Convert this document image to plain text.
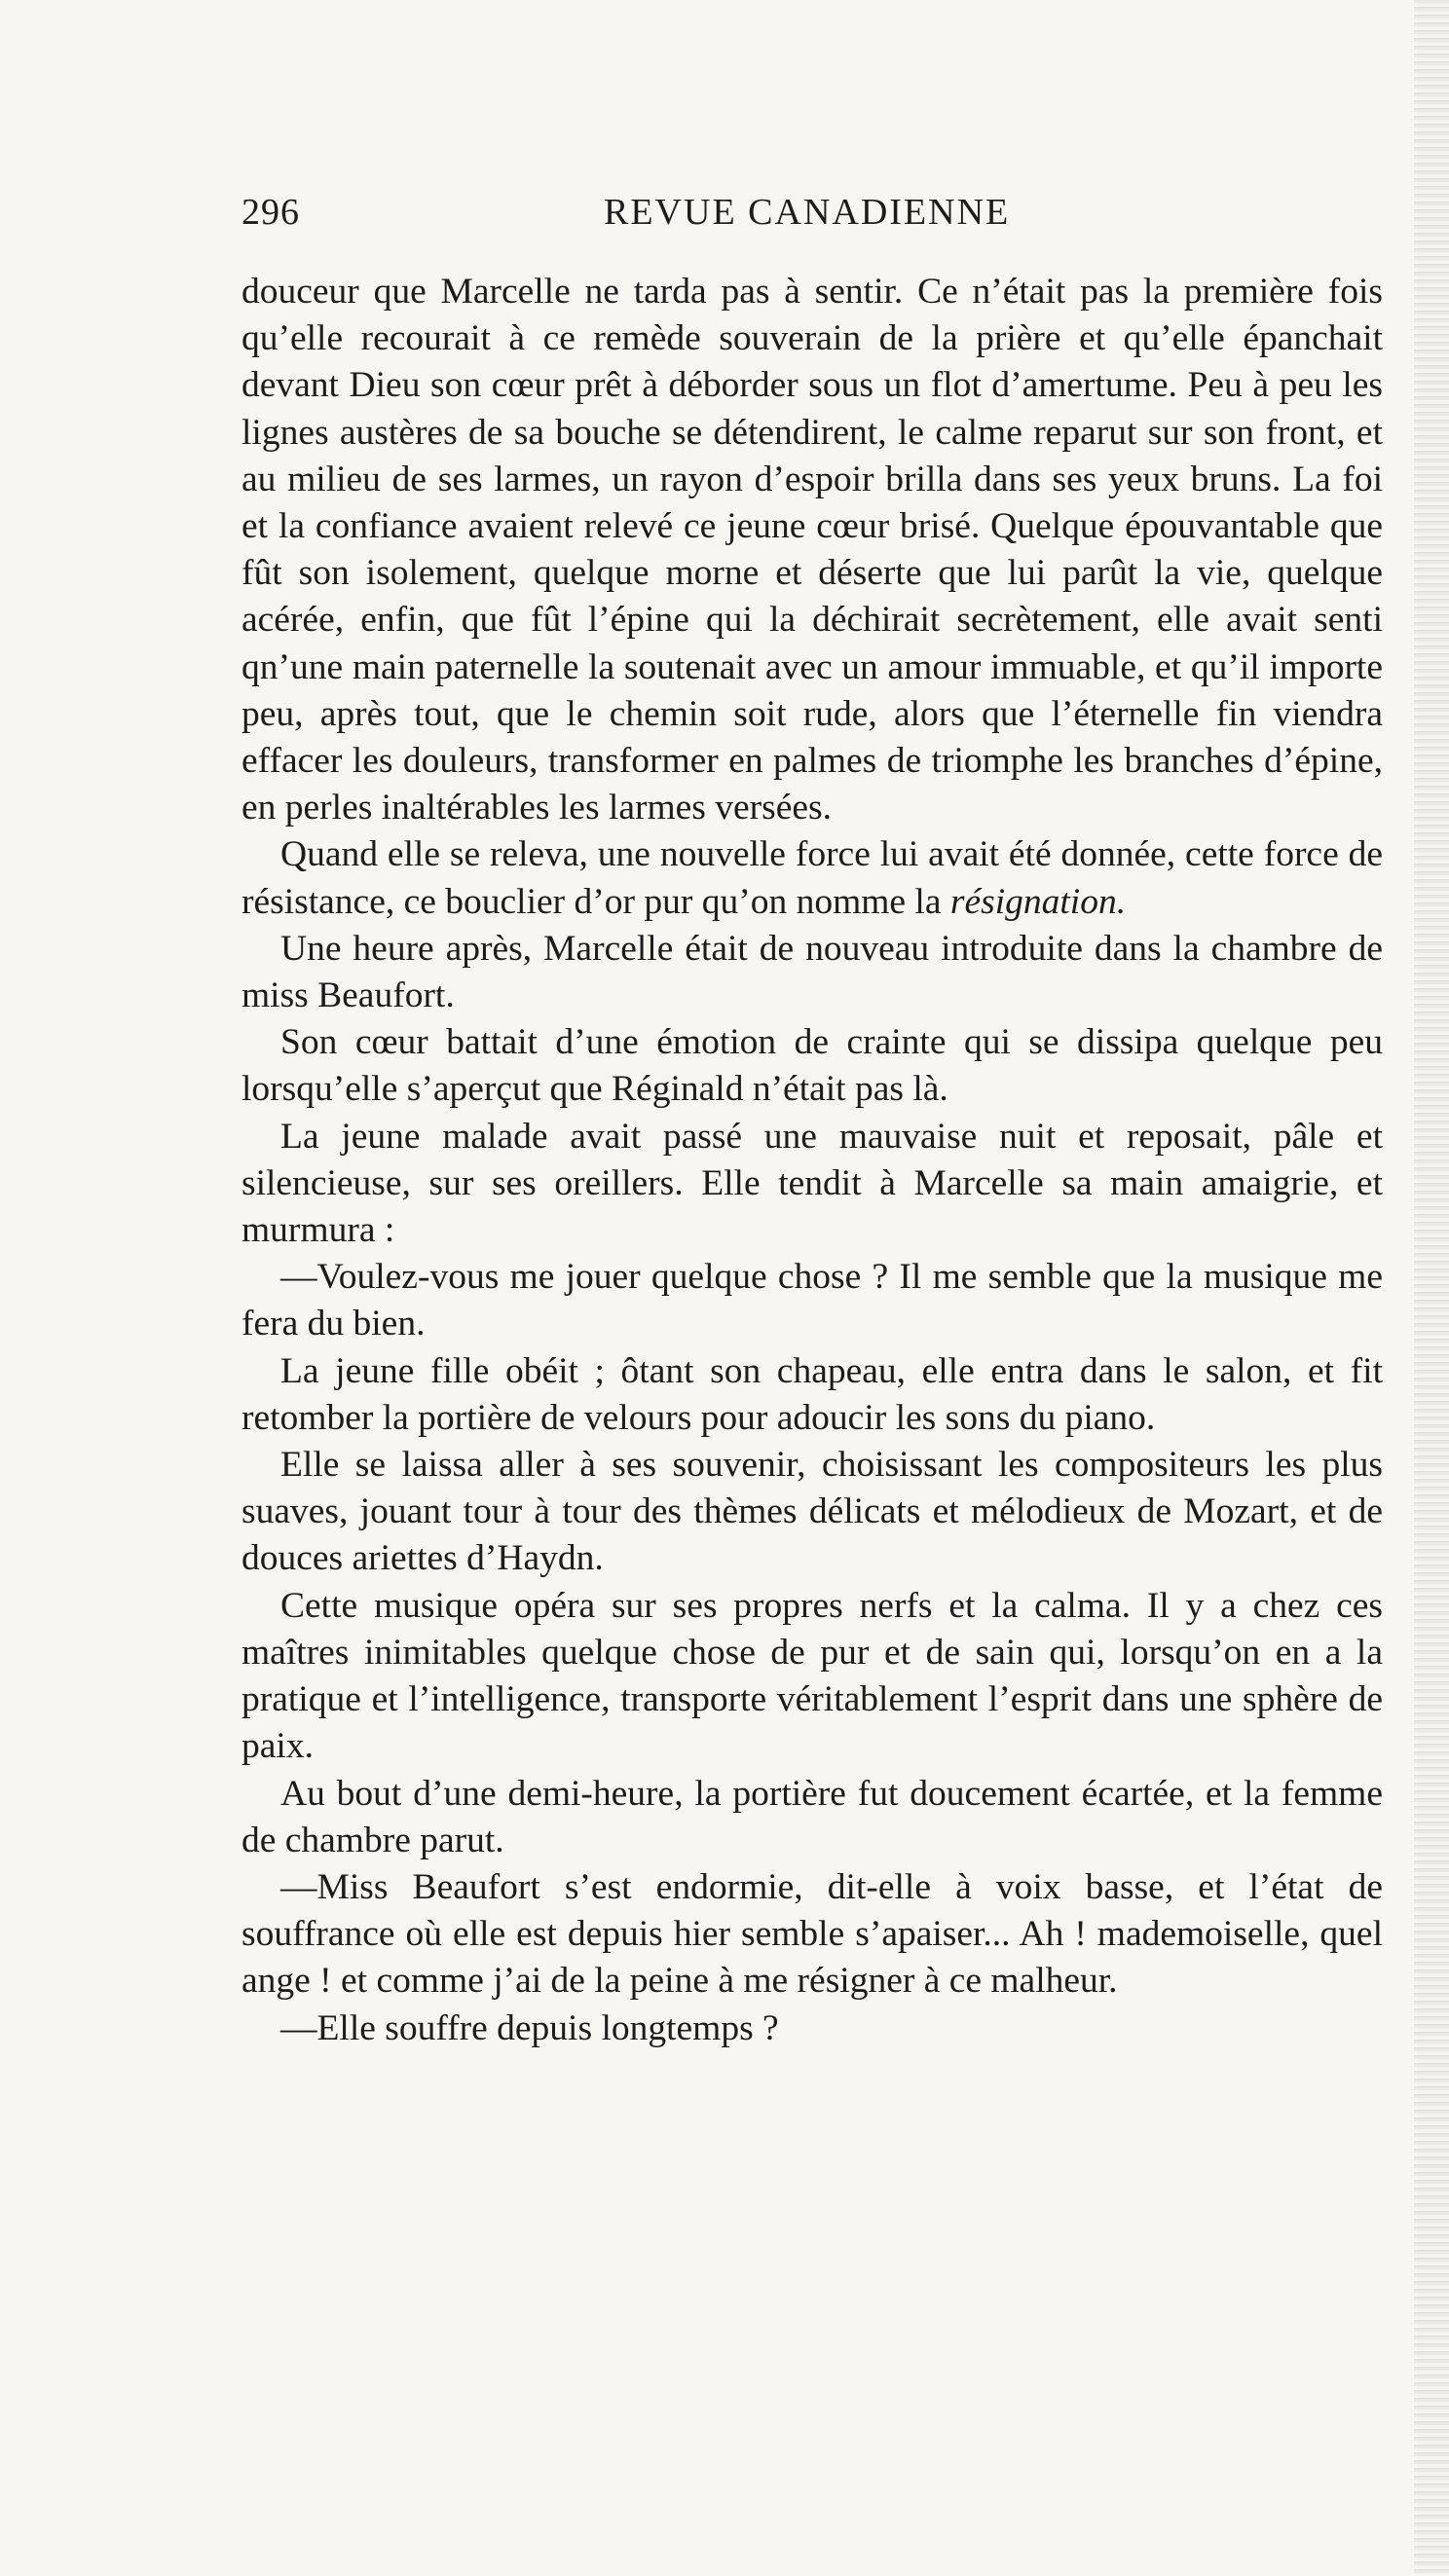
296	REVUE CANADIENNE

douceur que Marcelle ne tarda pas à sentir. Ce n’était pas la première fois qu’elle recourait à ce remède souverain de la prière et qu’elle épanchait devant Dieu son cœur prêt à déborder sous un flot d’amertume. Peu à peu les lignes austères de sa bouche se détendirent, le calme reparut sur son front, et au milieu de ses larmes, un rayon d’espoir brilla dans ses yeux bruns. La foi et la confiance avaient relevé ce jeune cœur brisé. Quelque épouvantable que fût son isolement, quelque morne et déserte que lui parût la vie, quelque acérée, enfin, que fût l’épine qui la déchirait secrètement, elle avait senti qn’une main paternelle la soutenait avec un amour immuable, et qu’il importe peu, après tout, que le chemin soit rude, alors que l’éternelle fin viendra effacer les douleurs, transformer en palmes de triomphe les branches d’épine, en perles inaltérables les larmes versées.

Quand elle se releva, une nouvelle force lui avait été donnée, cette force de résistance, ce bouclier d’or pur qu’on nomme la résignation.

Une heure après, Marcelle était de nouveau introduite dans la chambre de miss Beaufort.

Son cœur battait d’une émotion de crainte qui se dissipa quelque peu lorsqu’elle s’aperçut que Réginald n’était pas là.

La jeune malade avait passé une mauvaise nuit et reposait, pâle et silencieuse, sur ses oreillers. Elle tendit à Marcelle sa main amaigrie, et murmura :

—Voulez-vous me jouer quelque chose ? Il me semble que la musique me fera du bien.

La jeune fille obéit ; ôtant son chapeau, elle entra dans le salon, et fit retomber la portière de velours pour adoucir les sons du piano.

Elle se laissa aller à ses souvenir, choisissant les compositeurs les plus suaves, jouant tour à tour des thèmes délicats et mélodieux de Mozart, et de douces ariettes d’Haydn.

Cette musique opéra sur ses propres nerfs et la calma. Il y a chez ces maîtres inimitables quelque chose de pur et de sain qui, lorsqu’on en a la pratique et l’intelligence, transporte véritablement l’esprit dans une sphère de paix.

Au bout d’une demi-heure, la portière fut doucement écartée, et la femme de chambre parut.

—Miss Beaufort s’est endormie, dit-elle à voix basse, et l’état de souffrance où elle est depuis hier semble s’apaiser... Ah ! mademoiselle, quel ange ! et comme j’ai de la peine à me résigner à ce malheur.

—Elle souffre depuis longtemps ?
